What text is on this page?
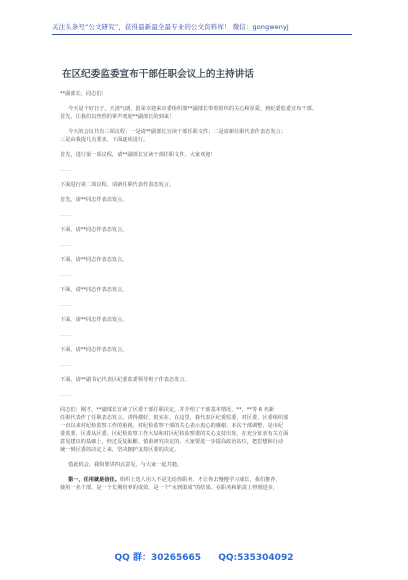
关注头条号“公文研究”，获得最新最全最专业的公文资料库！ 微信：gongwenyj
在区纪委监委宣布干部任职会议上的主持讲话
**副部长、同志们：
今天是个好日子，天清气朗，很荣幸迎来市委组织部**副部长带着组织的关心和厚爱，到纪委监委宣布干部。
首先，让我们以热烈的掌声欢迎**副部长的到来！
今天的会议共有三项议程：一是请**副部长宣读干部任职文件；二是请新任职代表作表态发言；
三是由我提几点要求，下面逐项进行。
首先，进行第一项议程，请**副部长宣读干部任职文件，大家欢迎！
……
下面进行第二项议程，请新任职代表作表态发言。
首先，请**同志作表态发言。
……
下面，请**同志作表态发言。
……
下面，请**同志作表态发言。
……
下面，请**同志作表态发言。
……
下面，请**同志作表态发言。
……
下面，请**同志作表态发言。
……
下面，请**副书记代表区纪委监委领导班子作表态发言。
……
同志们：刚才，**副部长宣读了区委干部任职决定，并介绍了干部基本情况，**、**等 6 名新
任职代表作了任职表态发言，讲得都好、很实在。在这里，我代表区纪委监委，对区委、区委组织部
一直以来对纪检监察工作的重视，对纪检监察干部的关心表示衷心的感谢。本次干部调整，是市纪
委监委、区委从区委、区纪检监察工作大局和对区纪检监察委的关心支持出发，在充分征求有关方面
意见建议的基础上，经过反复酝酿、慎重研究决定的。大家要进一步提高政治站位，把思想和行动
统一到区委的决定上来，坚决拥护支持区委的决定。
借此机会，我简要讲四点意见，与大家一起共勉。
第一，任用就是信任。组织上选人用人不是先给你职务，才让你去慢慢学习成长，我们推荐、
使用一名干部，是一个长期培养的成效，是一个“水到渠成”的结果。在职务和职责上得到进步，
QQ 群：30265665 QQ:535304092
